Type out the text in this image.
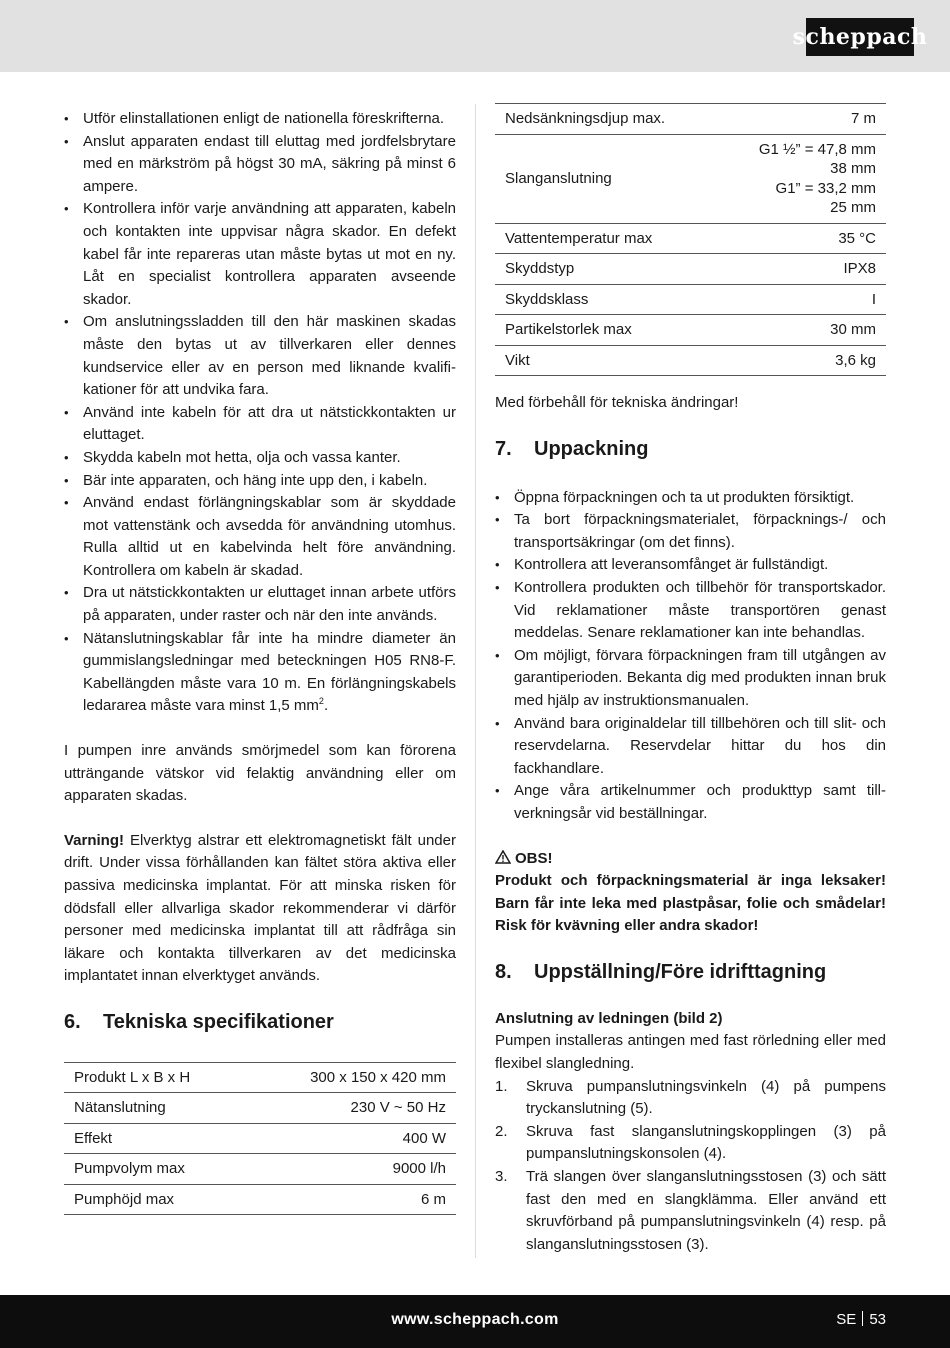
scheppach
• Utför elinstallationen enligt de nationella föreskrifterna.
• Anslut apparaten endast till eluttag med jordfelsbrytare med en märkström på högst 30 mA, säkring på minst 6 ampere.
• Kontrollera inför varje användning att apparaten, kabeln och kontakten inte uppvisar några skador. En defekt kabel får inte repareras utan måste bytas ut mot en ny. Låt en specialist kontrollera apparaten avseende skador.
• Om anslutningssladden till den här maskinen skadas måste den bytas ut av tillverkaren eller dennes kundservice eller av en person med liknande kvalifikationer för att undvika fara.
• Använd inte kabeln för att dra ut nätstickkontakten ur eluttaget.
• Skydda kabeln mot hetta, olja och vassa kanter.
• Bär inte apparaten, och häng inte upp den, i kabeln.
• Använd endast förlängningskablar som är skyddade mot vattenstänk och avsedda för användning utomhus. Rulla alltid ut en kabelvinda helt före användning. Kontrollera om kabeln är skadad.
• Dra ut nätstickkontakten ur eluttaget innan arbete utförs på apparaten, under raster och när den inte används.
• Nätanslutningskablar får inte ha mindre diameter än gummislangsledningar med beteckningen H05 RN8-F. Kabellängden måste vara 10 m. En förlängningskabels ledararea måste vara minst 1,5 $mm^2$.

I pumpen inre används smörjmedel som kan förorena utträngande vätskor vid felaktig användning eller om apparaten skadas.

Varning! Elverktyg alstrar ett elektromagnetiskt fält under drift. Under vissa förhållanden kan fältet störa aktiva eller passiva medicinska implantat. För att minska risken för dödsfall eller allvarliga skador rekommenderar vi därför personer med medicinska implantat till att rådfråga sin läkare och kontakta tillverkaren av det medicinska implantatet innan elverktyget används.

6. Tekniska specifikationer
Produkt L x B x H	300 x 150 x 420 mm
Nätanslutning	230 V ~ 50 Hz
Effekt	400 W
Pumpvolym max	9000 l/h
Pumphöjd max	6 m
Nedsänkningsdjup max.	7 m
Slanganslutning	G1 ½” = 47,8 mm
38 mm
G1” = 33,2 mm
25 mm
Vattentemperatur max	35 °C
Skyddstyp	IPX8
Skyddsklass	I
Partikelstorlek max	30 mm
Vikt	3,6 kg

Med förbehåll för tekniska ändringar!

7. Uppackning
• Öppna förpackningen och ta ut produkten försiktigt.
• Ta bort förpackningsmaterialet, förpacknings-/ och transportsäkringar (om det finns).
• Kontrollera att leveransomfånget är fullständigt.
• Kontrollera produkten och tillbehör för transportskador. Vid reklamationer måste transportören genast meddelas. Senare reklamationer kan inte behandlas.
• Om möjligt, förvara förpackningen fram till utgången av garantiperioden. Bekanta dig med produkten innan bruk med hjälp av instruktionsmanualen.
• Använd bara originaldelar till tillbehören och till slit- och reservdelarna. Reservdelar hittar du hos din fackhandlare.
• Ange våra artikelnummer och produkttyp samt tillverkningsår vid beställningar.

OBS!

Produkt och förpackningsmaterial är inga leksaker! Barn får inte leka med plastpåsar, folie och smådelar! Risk för kvävning eller andra skador!

8. Uppställning/Före idrifttagning

Anslutning av ledningen (bild 2)

Pumpen installeras antingen med fast rörledning eller med flexibel slangledning.

1. Skruva pumpanslutningsvinkeln (4) på pumpens tryckanslutning (5).
2. Skruva fast slanganslutningskopplingen (3) på pumpanslutningskonsolen (4).
3. Trä slangen över slanganslutningsstosen (3) och sätt fast den med en slangklämma. Eller använd ett skruvförband på pumpanslutningsvinkeln (4) resp. på slanganslutningsstosen (3).
www.scheppach.com	SE 53
